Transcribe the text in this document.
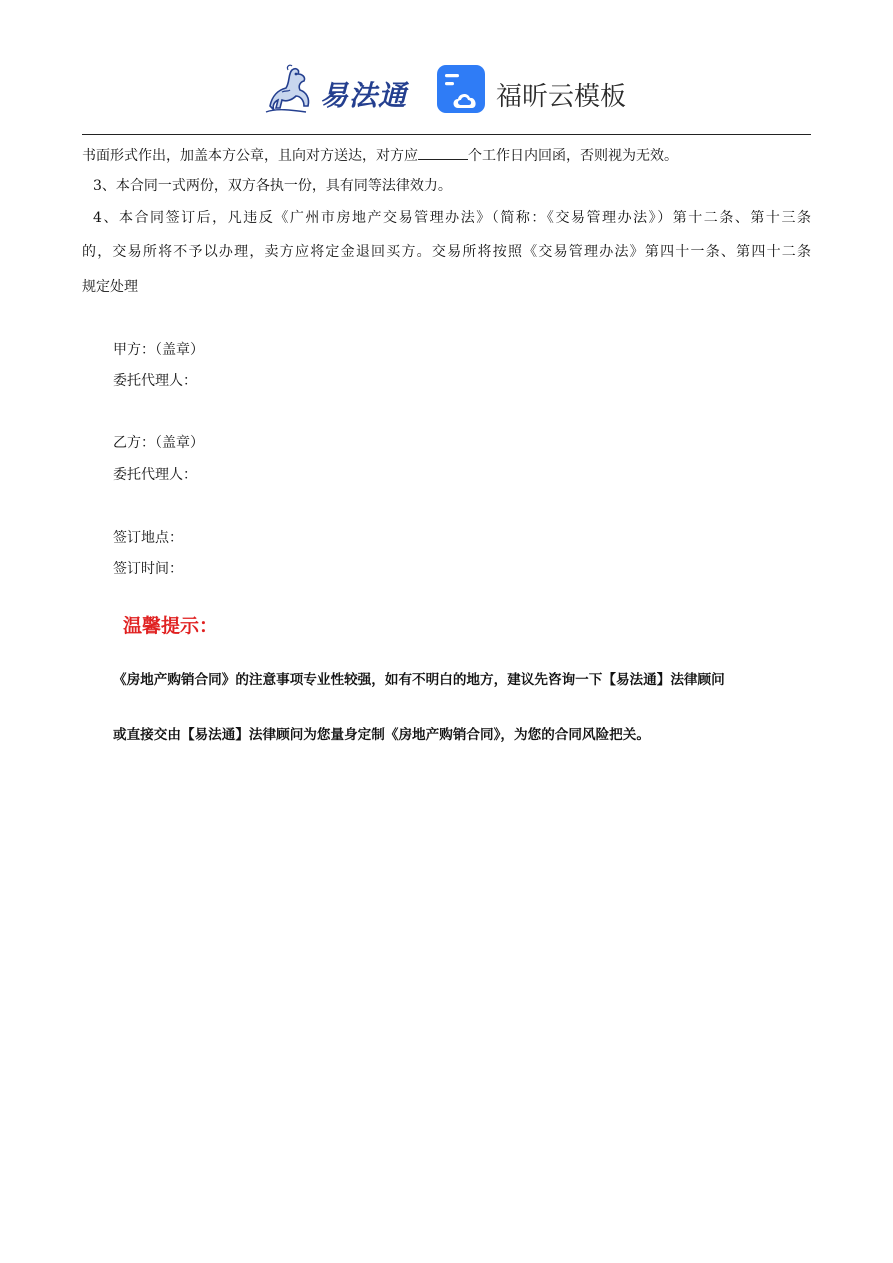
易法通	福昕云模板
书面形式作出，加盖本方公章，且向对方送达，对方应	个工作日内回函，否则视为无效。
3、本合同一式两份，双方各执一份，具有同等法律效力。
4、本合同签订后，凡违反《广州市房地产交易管理办法》（简称：《交易管理办法》）第十二条、第十三条
的，交易所将不予以办理，卖方应将定金退回买方。交易所将按照《交易管理办法》第四十一条、第四十二条
规定处理
甲方：（盖章）
委托代理人：
乙方：（盖章）
委托代理人：
签订地点：
签订时间：
温馨提示：
《房地产购销合同》的注意事项专业性较强，如有不明白的地方，建议先咨询一下【易法通】法律顾问
或直接交由【易法通】法律顾问为您量身定制《房地产购销合同》，为您的合同风险把关。
